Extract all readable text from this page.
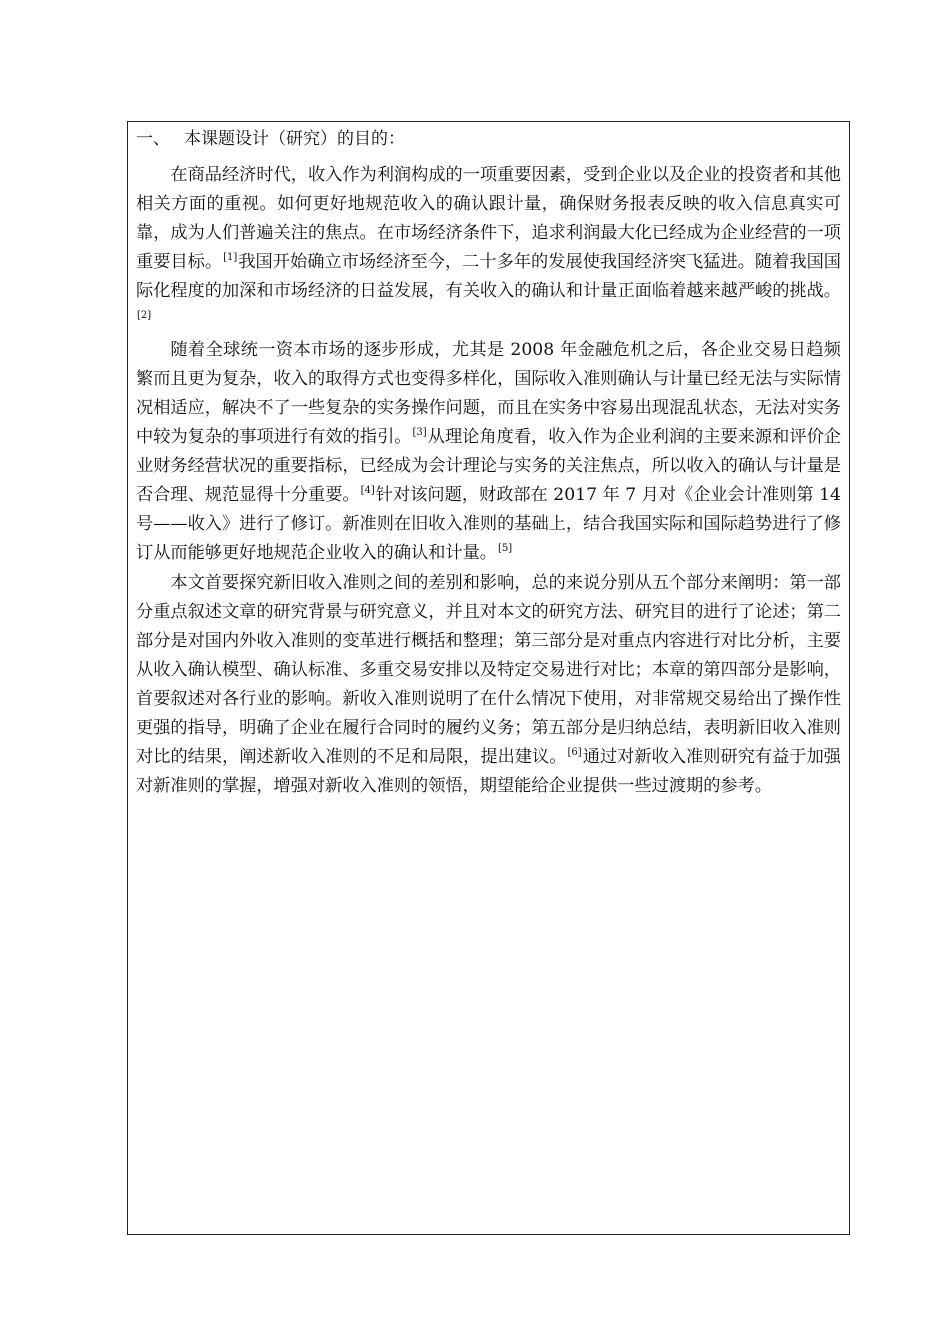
一、 本课题设计（研究）的目的：

在商品经济时代，收入作为利润构成的一项重要因素，受到企业以及企业的投资者和其他相关方面的重视。如何更好地规范收入的确认跟计量，确保财务报表反映的收入信息真实可靠，成为人们普遍关注的焦点。在市场经济条件下，追求利润最大化已经成为企业经营的一项重要目标。[1]我国开始确立市场经济至今，二十多年的发展使我国经济突飞猛进。随着我国国际化程度的加深和市场经济的日益发展，有关收入的确认和计量正面临着越来越严峻的挑战。[2]

随着全球统一资本市场的逐步形成，尤其是 2008 年金融危机之后，各企业交易日趋频繁而且更为复杂，收入的取得方式也变得多样化，国际收入准则确认与计量已经无法与实际情况相适应，解决不了一些复杂的实务操作问题，而且在实务中容易出现混乱状态，无法对实务中较为复杂的事项进行有效的指引。[3]从理论角度看，收入作为企业利润的主要来源和评价企业财务经营状况的重要指标，已经成为会计理论与实务的关注焦点，所以收入的确认与计量是否合理、规范显得十分重要。[4]针对该问题，财政部在 2017 年 7 月对《企业会计准则第 14 号——收入》进行了修订。新准则在旧收入准则的基础上，结合我国实际和国际趋势进行了修订从而能够更好地规范企业收入的确认和计量。[5]

本文首要探究新旧收入准则之间的差别和影响，总的来说分别从五个部分来阐明：第一部分重点叙述文章的研究背景与研究意义，并且对本文的研究方法、研究目的进行了论述；第二部分是对国内外收入准则的变革进行概括和整理；第三部分是对重点内容进行对比分析，主要从收入确认模型、确认标准、多重交易安排以及特定交易进行对比；本章的第四部分是影响，首要叙述对各行业的影响。新收入准则说明了在什么情况下使用，对非常规交易给出了操作性更强的指导，明确了企业在履行合同时的履约义务；第五部分是归纳总结，表明新旧收入准则对比的结果，阐述新收入准则的不足和局限，提出建议。[6]通过对新收入准则研究有益于加强对新准则的掌握，增强对新收入准则的领悟，期望能给企业提供一些过渡期的参考。
